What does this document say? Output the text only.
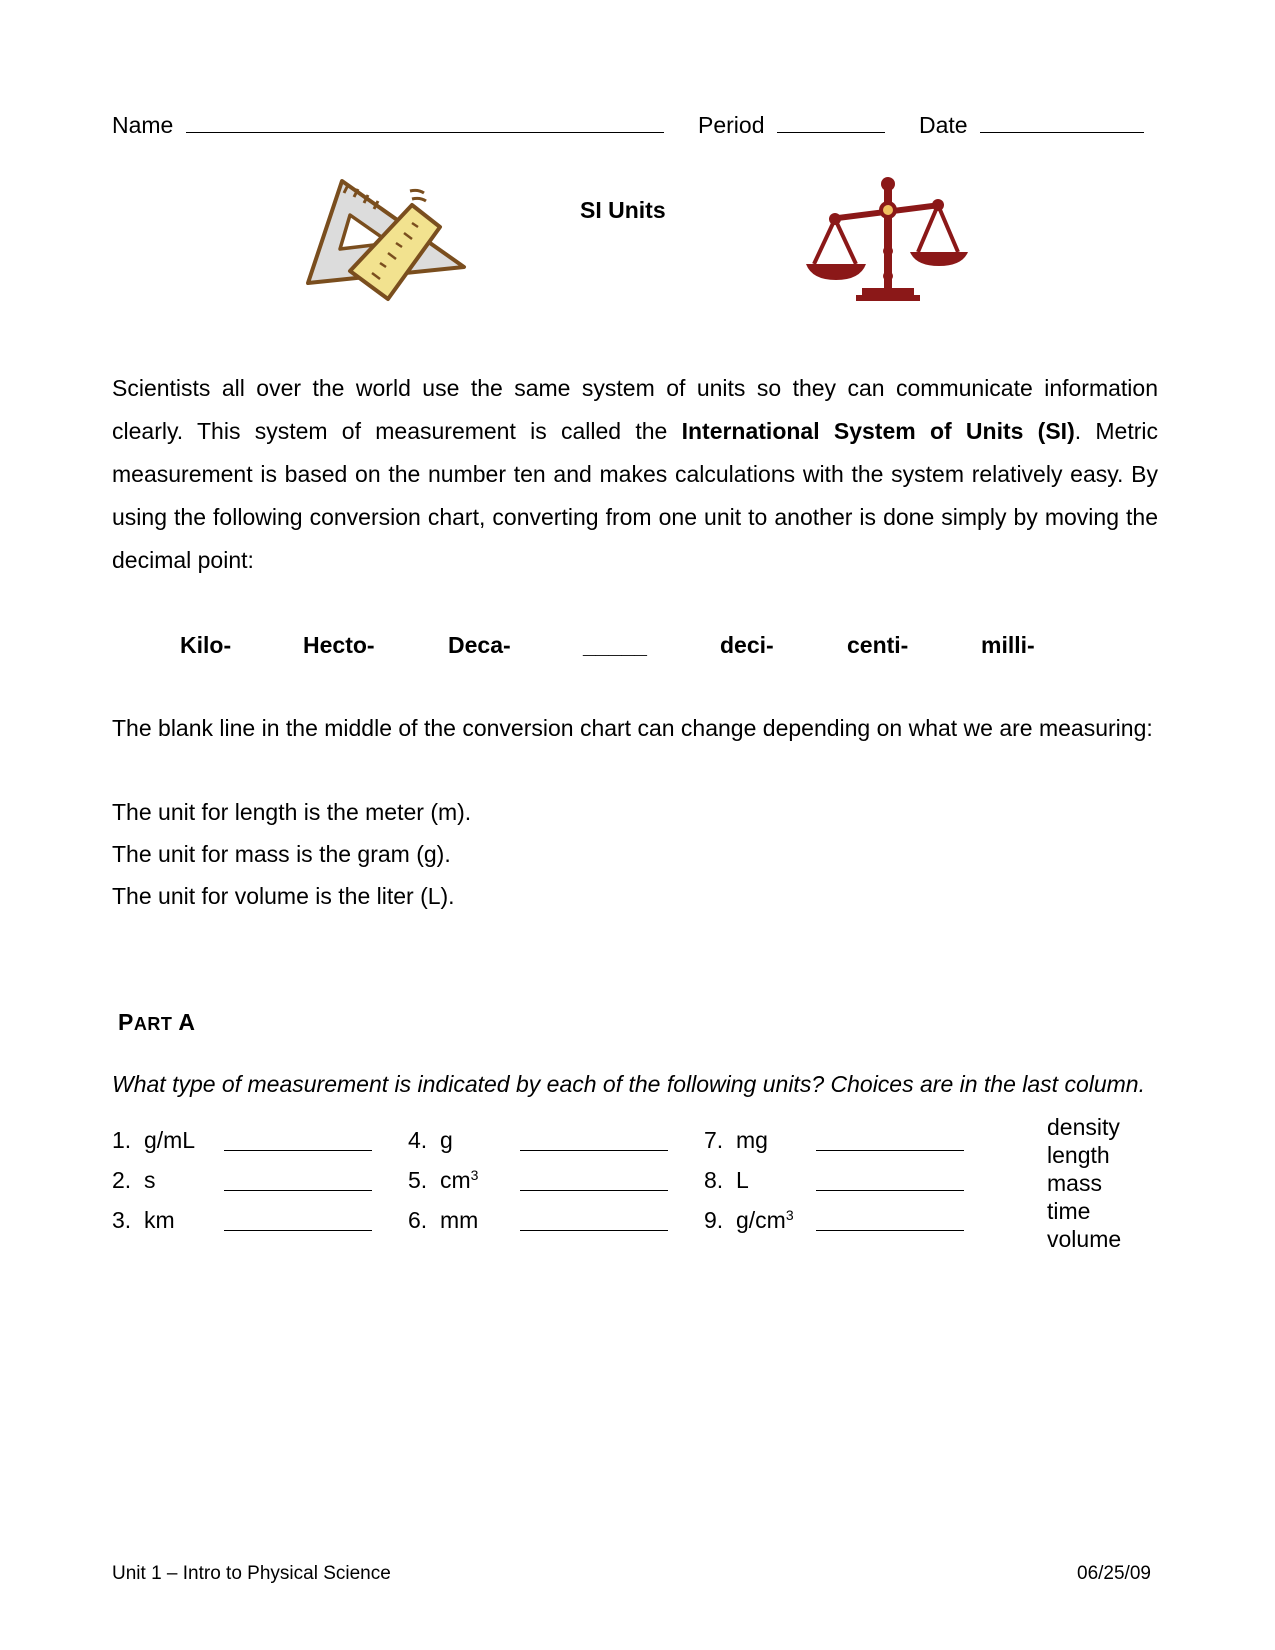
Name	Period	Date
SI Units

Scientists all over the world use the same system of units so they can communicate information clearly. This system of measurement is called the International System of Units (SI). Metric measurement is based on the number ten and makes calculations with the system relatively easy. By using the following conversion chart, converting from one unit to another is done simply by moving the decimal point:

Kilo-	Hecto-	Deca-	_____	deci-	centi-	milli-

The blank line in the middle of the conversion chart can change depending on what we are measuring:

The unit for length is the meter (m).
The unit for mass is the gram (g).
The unit for volume is the liter (L).
PART A
What type of measurement is indicated by each of the following units? Choices are in the last column.
1. g/mL
2. s
3. km
4. g
5. $cm^3$
6. mm
7. mg
8. L
9. $g/cm^3$
density
length
mass
time
volume
Unit 1 – Intro to Physical Science	06/25/09
